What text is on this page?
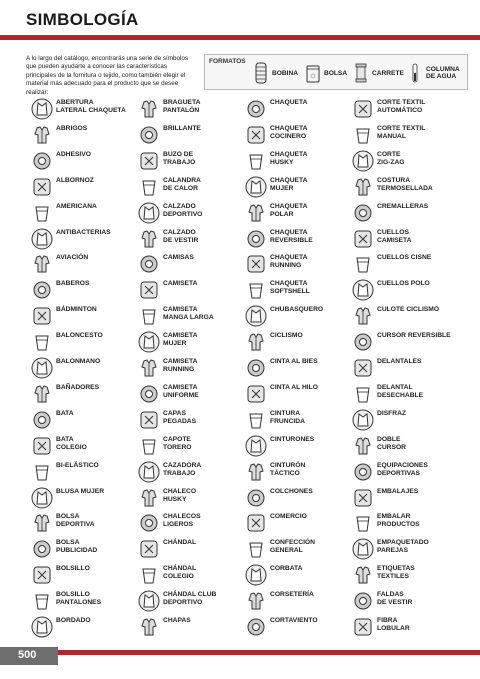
SIMBOLOGÍA
A lo largo del catálogo, encontrarás una serie de símbolos que pueden ayudarte a conocer las características principales de la fornitura o tejido, como también elegir el material más adecuado para el producto que se desee realizar:
FORMATOS
BOBINA	BOLSA	CARRETE	COLUMNA
DE AGUA
ABERTURA
LATERAL CHAQUETA
ABRIGOS
ADHESIVO
ALBORNOZ
AMERICANA
ANTIBACTERIAS
AVIACIÓN
BABEROS
BÁDMINTON
BALONCESTO
BALONMANO
BAÑADORES
BATA
BATA
COLEGIO
BI-ELÁSTICO
BLUSA MUJER
BOLSA
DEPORTIVA
BOLSA
PUBLICIDAD
BOLSILLO
BOLSILLO
PANTALONES
BORDADO
BRAGUETA
PANTALÓN
BRILLANTE
BUZO DE
TRABAJO
CALANDRA
DE CALOR
CALZADO
DEPORTIVO
CALZADO
DE VESTIR
CAMISAS
CAMISETA
CAMISETA
MANGA LARGA
CAMISETA
MUJER
CAMISETA
RUNNING
CAMISETA
UNIFORME
CAPAS
PEGADAS
CAPOTE
TORERO
CAZADORA
TRABAJO
CHALECO
HUSKY
CHALECOS
LIGEROS
CHÁNDAL
CHÁNDAL
COLEGIO
CHÁNDAL CLUB
DEPORTIVO
CHAPAS
CHAQUETA
CHAQUETA
COCINERO
CHAQUETA
HUSKY
CHAQUETA
MUJER
CHAQUETA
POLAR
CHAQUETA
REVERSIBLE
CHAQUETA
RUNNING
CHAQUETA
SOFTSHELL
CHUBASQUERO
CICLISMO
CINTA AL BIES
CINTA AL HILO
CINTURA
FRUNCIDA
CINTURONES
CINTURÓN
TÁCTICO
COLCHONES
COMERCIO
CONFECCIÓN
GENERAL
CORBATA
CORSETERÍA
CORTAVIENTO
CORTE TEXTIL
AUTOMÁTICO
CORTE TEXTIL
MANUAL
CORTE
ZIG-ZAG
COSTURA
TERMOSELLADA
CREMALLERAS
CUELLOS
CAMISETA
CUELLOS CISNE
CUELLOS POLO
CULOTE CICLISMO
CURSOR REVERSIBLE
DELANTALES
DELANTAL
DESECHABLE
DISFRAZ
DOBLE
CURSOR
EQUIPACIONES
DEPORTIVAS
EMBALAJES
EMBALAR
PRODUCTOS
EMPAQUETADO
PAREJAS
ETIQUETAS
TEXTILES
FALDAS
DE VESTIR
FIBRA
LOBULAR
500
